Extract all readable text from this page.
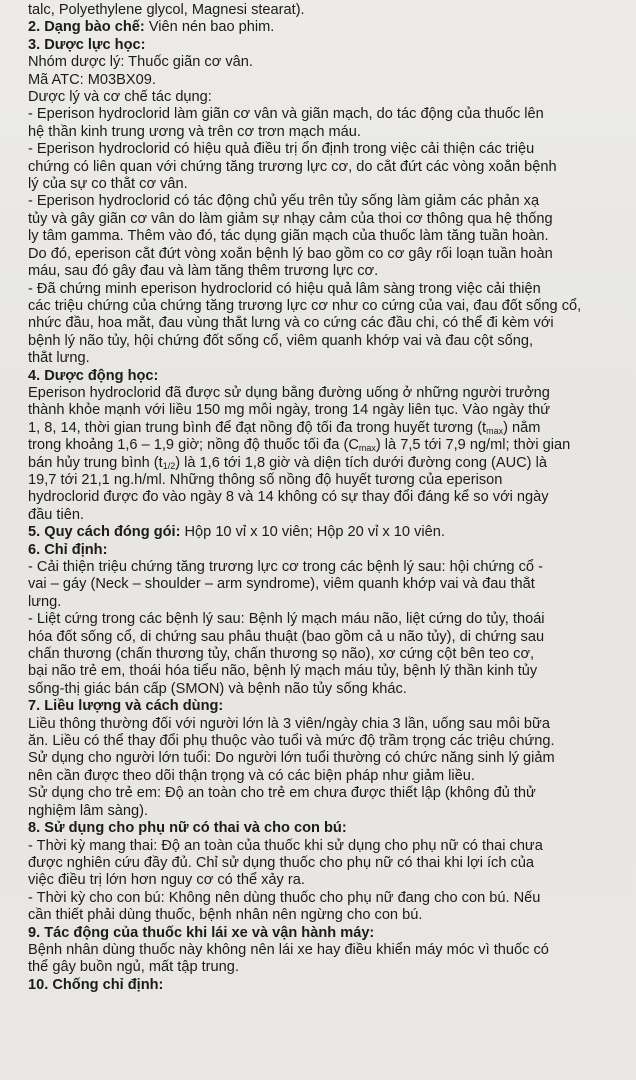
talc, Polyethylene glycol, Magnesi stearat).
2. Dạng bào chế: Viên nén bao phim.
3. Dược lực học:
Nhóm dược lý: Thuốc giãn cơ vân.
Mã ATC: M03BX09.
Dược lý và cơ chế tác dụng:
- Eperison hydroclorid làm giãn cơ vân và giãn mạch, do tác động của thuốc lên
hệ thần kinh trung ương và trên cơ trơn mạch máu.
- Eperison hydroclorid có hiệu quả điều trị ổn định trong việc cải thiện các triệu
chứng có liên quan với chứng tăng trương lực cơ, do cắt đứt các vòng xoắn bệnh
lý của sự co thắt cơ vân.
- Eperison hydroclorid có tác động chủ yếu trên tủy sống làm giảm các phản xạ
tủy và gây giãn cơ vân do làm giảm sự nhạy cảm của thoi cơ thông qua hệ thống
ly tâm gamma. Thêm vào đó, tác dụng giãn mạch của thuốc làm tăng tuần hoàn.
Do đó, eperison cắt đứt vòng xoắn bệnh lý bao gồm co cơ gây rối loạn tuần hoàn
máu, sau đó gây đau và làm tăng thêm trương lực cơ.
- Đã chứng minh eperison hydroclorid có hiệu quả lâm sàng trong việc cải thiện
các triệu chứng của chứng tăng trương lực cơ như co cứng của vai, đau đốt sống cổ,
nhức đầu, hoa mắt, đau vùng thắt lưng và co cứng các đầu chi, có thể đi kèm với
bệnh lý não tủy, hội chứng đốt sống cổ, viêm quanh khớp vai và đau cột sống,
thắt lưng.
4. Dược động học:
Eperison hydroclorid đã được sử dụng bằng đường uống ở những người trưởng
thành khỏe mạnh với liều 150 mg mỗi ngày, trong 14 ngày liên tục. Vào ngày thứ
1, 8, 14, thời gian trung bình để đạt nồng độ tối đa trong huyết tương $(t_{max})$ nằm
trong khoảng 1,6 – 1,9 giờ; nồng độ thuốc tối đa $(C_{max})$ là 7,5 tới 7,9 ng/ml; thời gian
bán hủy trung bình $(t_{1/2})$ là 1,6 tới 1,8 giờ và diện tích dưới đường cong (AUC) là
19,7 tới 21,1 ng.h/ml. Những thông số nồng độ huyết tương của eperison
hydroclorid được đo vào ngày 8 và 14 không có sự thay đổi đáng kể so với ngày
đầu tiên.
5. Quy cách đóng gói: Hộp 10 vỉ x 10 viên; Hộp 20 vỉ x 10 viên.
6. Chỉ định:
- Cải thiện triệu chứng tăng trương lực cơ trong các bệnh lý sau: hội chứng cổ -
vai – gáy (Neck – shoulder – arm syndrome), viêm quanh khớp vai và đau thắt
lưng.
- Liệt cứng trong các bệnh lý sau: Bệnh lý mạch máu não, liệt cứng do tủy, thoái
hóa đốt sống cổ, di chứng sau phẫu thuật (bao gồm cả u não tủy), di chứng sau
chấn thương (chấn thương tủy, chấn thương sọ não), xơ cứng cột bên teo cơ,
bại não trẻ em, thoái hóa tiểu não, bệnh lý mạch máu tủy, bệnh lý thần kinh tủy
sống-thị giác bán cấp (SMON) và bệnh não tủy sống khác.
7. Liều lượng và cách dùng:
Liều thông thường đối với người lớn là 3 viên/ngày chia 3 lần, uống sau mỗi bữa
ăn. Liều có thể thay đổi phụ thuộc vào tuổi và mức độ trầm trọng các triệu chứng.
Sử dụng cho người lớn tuổi: Do người lớn tuổi thường có chức năng sinh lý giảm
nên cần được theo dõi thận trọng và có các biện pháp như giảm liều.
Sử dụng cho trẻ em: Độ an toàn cho trẻ em chưa được thiết lập (không đủ thử
nghiệm lâm sàng).
8. Sử dụng cho phụ nữ có thai và cho con bú:
- Thời kỳ mang thai: Độ an toàn của thuốc khi sử dụng cho phụ nữ có thai chưa
được nghiên cứu đầy đủ. Chỉ sử dụng thuốc cho phụ nữ có thai khi lợi ích của
việc điều trị lớn hơn nguy cơ có thể xảy ra.
- Thời kỳ cho con bú: Không nên dùng thuốc cho phụ nữ đang cho con bú. Nếu
cần thiết phải dùng thuốc, bệnh nhân nên ngừng cho con bú.
9. Tác động của thuốc khi lái xe và vận hành máy:
Bệnh nhân dùng thuốc này không nên lái xe hay điều khiển máy móc vì thuốc có
thể gây buồn ngủ, mất tập trung.
10. Chống chỉ định:
